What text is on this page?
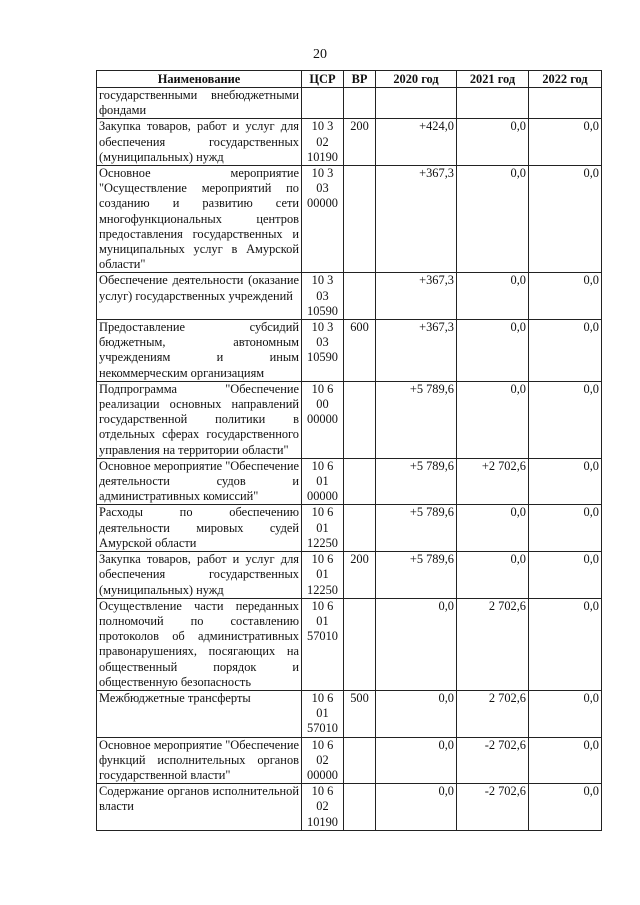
20
Наименование	ЦСР	ВР	2020 год	2021 год	2022 год
государственными внебюджетными фондами					
Закупка товаров, работ и услуг для обеспечения государственных (муниципальных) нужд	10 3 02 10190	200	+424,0	0,0	0,0
Основное мероприятие "Осуществление мероприятий по созданию и развитию сети многофункциональных центров предоставления государственных и муниципальных услуг в Амурской области"	10 3 03 00000		+367,3	0,0	0,0
Обеспечение деятельности (оказание услуг) государственных учреждений	10 3 03 10590		+367,3	0,0	0,0
Предоставление субсидий бюджетным, автономным учреждениям и иным некоммерческим организациям	10 3 03 10590	600	+367,3	0,0	0,0
Подпрограмма "Обеспечение реализации основных направлений государственной политики в отдельных сферах государственного управления на территории области"	10 6 00 00000		+5 789,6	0,0	0,0
Основное мероприятие "Обеспечение деятельности судов и административных комиссий"	10 6 01 00000		+5 789,6	+2 702,6	0,0
Расходы по обеспечению деятельности мировых судей Амурской области	10 6 01 12250		+5 789,6	0,0	0,0
Закупка товаров, работ и услуг для обеспечения государственных (муниципальных) нужд	10 6 01 12250	200	+5 789,6	0,0	0,0
Осуществление части переданных полномочий по составлению протоколов об административных правонарушениях, посягающих на общественный порядок и общественную безопасность	10 6 01 57010		0,0	2 702,6	0,0
Межбюджетные трансферты	10 6 01 57010	500	0,0	2 702,6	0,0
Основное мероприятие "Обеспечение функций исполнительных органов государственной власти"	10 6 02 00000		0,0	-2 702,6	0,0
Содержание органов исполнительной власти	10 6 02 10190		0,0	-2 702,6	0,0
